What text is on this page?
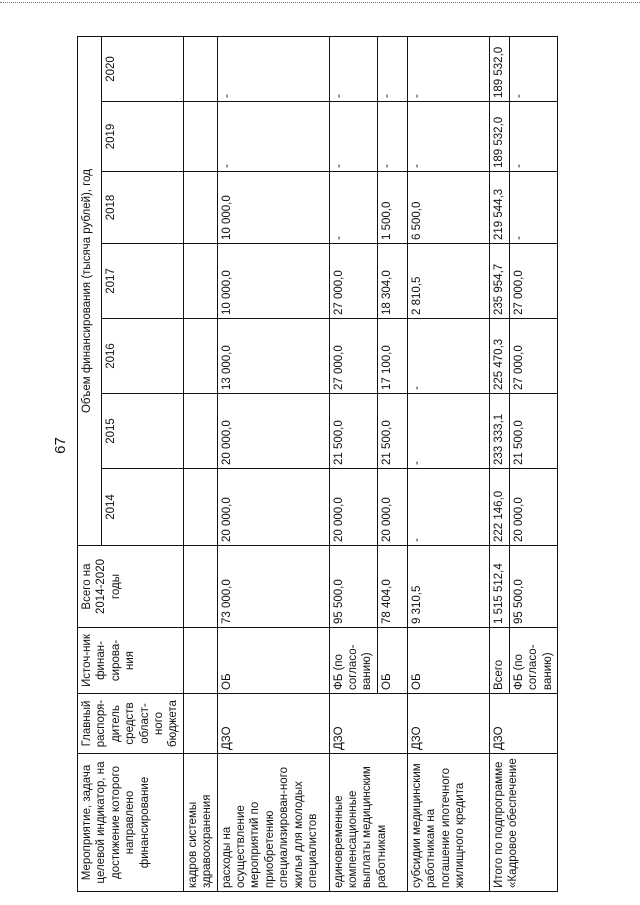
67
Мероприятие, задача целевой индикатор, на достижение которого направлено финансирование	Главный распоря-дитель средств област-ного бюджета	Источ-ник финан-сирова-ния	Всего на 2014-2020 годы	Объем финансирования (тысяча рублей), год						
				2014	2015	2016	2017	2018	2019	2020
кадров системы здравоохранения										
расходы на осуществление мероприятий по приобретению специализирован-ного жилья для молодых специалистов	ДЗО	ОБ	73 000,0	20 000,0	20 000,0	13 000,0	10 000,0	10 000,0	-	-
единовременные компенсационные выплаты медицинским работникам	ДЗО	ФБ (по согласо-ванию)	95 500,0	20 000,0	21 500,0	27 000,0	27 000,0	-	-	-
		ОБ	78 404,0	20 000,0	21 500,0	17 100,0	18 304,0	1 500,0	-	-
субсидии медицинским работникам на погашение ипотечного жилищного кредита	ДЗО	ОБ	9 310,5	-	-	-	2 810,5	6 500,0	-	-
Итого по подпрограмме «Кадровое обеспечение	ДЗО	Всего	1 515 512,4	222 146,0	233 333,1	225 470,3	235 954,7	219 544,3	189 532,0	189 532,0
		ФБ (по согласо-ванию)	95 500,0	20 000,0	21 500,0	27 000,0	27 000,0	-	-	-
